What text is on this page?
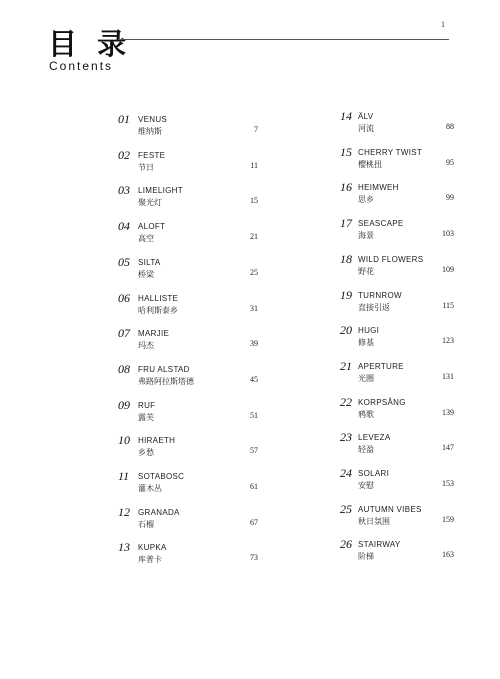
1
目 录
Contents
01 VENUS
维纳斯	7
02 FESTE
节日	11
03 LIMELIGHT
聚光灯	15
04 ALOFT
高空	21
05 SILTA
桥梁	25
06 HALLISTE
哈利斯泰乡	31
07 MARJIE
玛杰	39
08 FRU ALSTAD
弗路阿拉斯塔德	45
09 RUF
露芙	51
10 HIRAETH
乡愁	57
11 SOTABOSC
灌木丛	61
12 GRANADA
石榴	67
13 KUPKA
库普卡	73
14 ÄLV
河流	88
15 CHERRY TWIST
樱桃扭	95
16 HEIMWEH
思乡	99
17 SEASCAPE
海景	103
18 WILD FLOWERS
野花	109
19 TURNROW
直接引返	115
20 HUGI
修基	123
21 APERTURE
光圈	131
22 KORPSÅNG
鸦歌	139
23 LEVEZA
轻盈	147
24 SOLARI
安慰	153
25 AUTUMN VIBES
秋日氛围	159
26 STAIRWAY
阶梯	163
